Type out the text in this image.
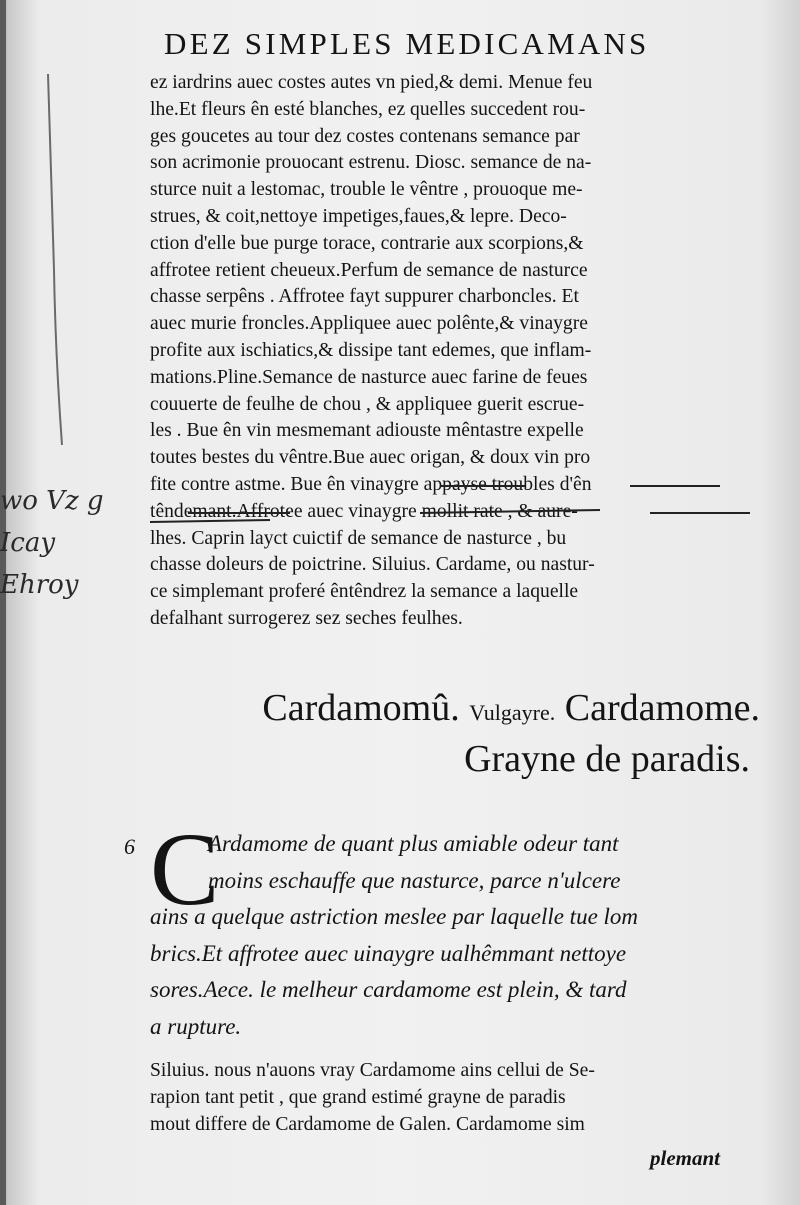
DEZ SIMPLES MEDICAMANS
ez iardrins auec costes autes vn pied,& demi. Menue feu
lhe.Et fleurs ên esté blanches, ez quelles succedent rou-
ges goucetes au tour dez costes contenans semance par
son acrimonie prouocant estrenu. Diosc. semance de na-
sturce nuit a lestomac, trouble le vêntre , prouoque me-
strues, & coit,nettoye impetiges,faues,& lepre. Deco-
ction d'elle bue purge torace, contrarie aux scorpions,&
affrotee retient cheueux.Perfum de semance de nasturce
chasse serpêns . Affrotee fayt suppurer charboncles. Et
auec murie froncles.Appliquee auec polênte,& vinaygre
profite aux ischiatics,& dissipe tant edemes, que inflam-
mations.Pline.Semance de nasturce auec farine de feues
couuerte de feulhe de chou , & appliquee guerit escrue-
les . Bue ên vin mesmemant adiouste mêntastre expelle
toutes bestes du vêntre.Bue auec origan, & doux vin pro
fite contre astme. Bue ên vinaygre appayse troubles d'ên
têndemant.Affrotee auec vinaygre mollit rate , & aure-
lhes. Caprin layct cuictif de semance de nasturce , bu
chasse doleurs de poictrine. Siluius. Cardame, ou nastur-
ce simplemant proferé êntêndrez la semance a laquelle
defalhant surrogerez sez seches feulhes.
wo Vz g
Icay
Ehroy
Cardamomû. Vulgayre. Cardamome.
Grayne de paradis.
6 C
Ardamome de quant plus amiable odeur tant
moins eschauffe que nasturce, parce n'ulcere
ains a quelque astriction meslee par laquelle tue lom
brics.Et affrotee auec uinaygre ualhêmmant nettoye
sores.Aece. le melheur cardamome est plein, & tard
a rupture.
Siluius. nous n'auons vray Cardamome ains cellui de Se-
rapion tant petit , que grand estimé grayne de paradis
mout differe de Cardamome de Galen. Cardamome sim
plemant
